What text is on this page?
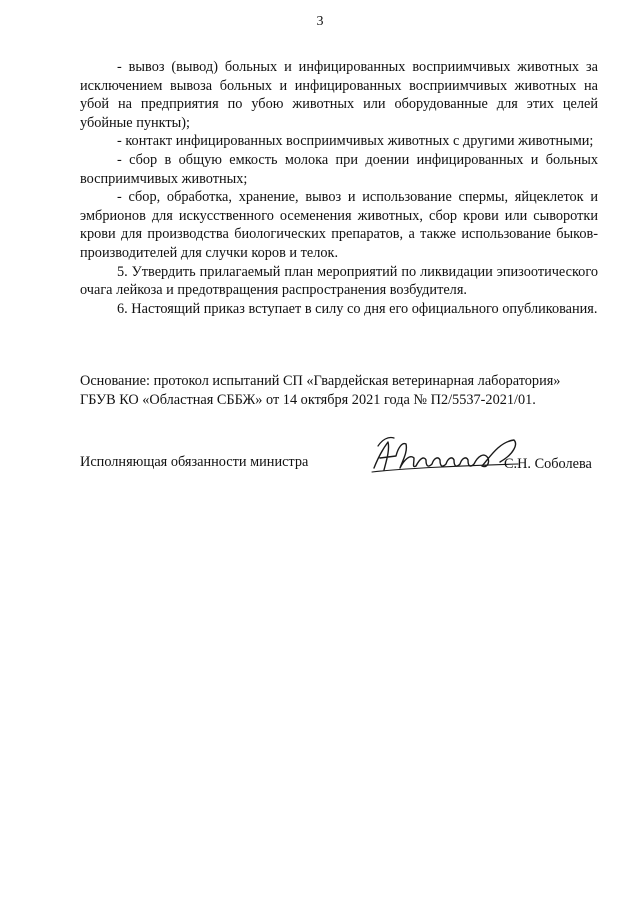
3

- вывоз (вывод) больных и инфицированных восприимчивых животных за исключением вывоза больных и инфицированных восприимчивых животных на убой на предприятия по убою животных или оборудованные для этих целей убойные пункты);

- контакт инфицированных восприимчивых животных с другими животными;

- сбор в общую емкость молока при доении инфицированных и больных восприимчивых животных;

- сбор, обработка, хранение, вывоз и использование спермы, яйцеклеток и эмбрионов для искусственного осеменения животных, сбор крови или сыворотки крови для производства биологических препаратов, а также использование быков-производителей для случки коров и телок.

5. Утвердить прилагаемый план мероприятий по ликвидации эпизоотического очага лейкоза и предотвращения распространения возбудителя.

6. Настоящий приказ вступает в силу со дня его официального опубликования.

Основание: протокол испытаний СП «Гвардейская ветеринарная лаборатория» ГБУВ КО «Областная СББЖ» от 14 октября 2021 года № П2/5537-2021/01.

Исполняющая обязанности министра	С.Н. Соболева
